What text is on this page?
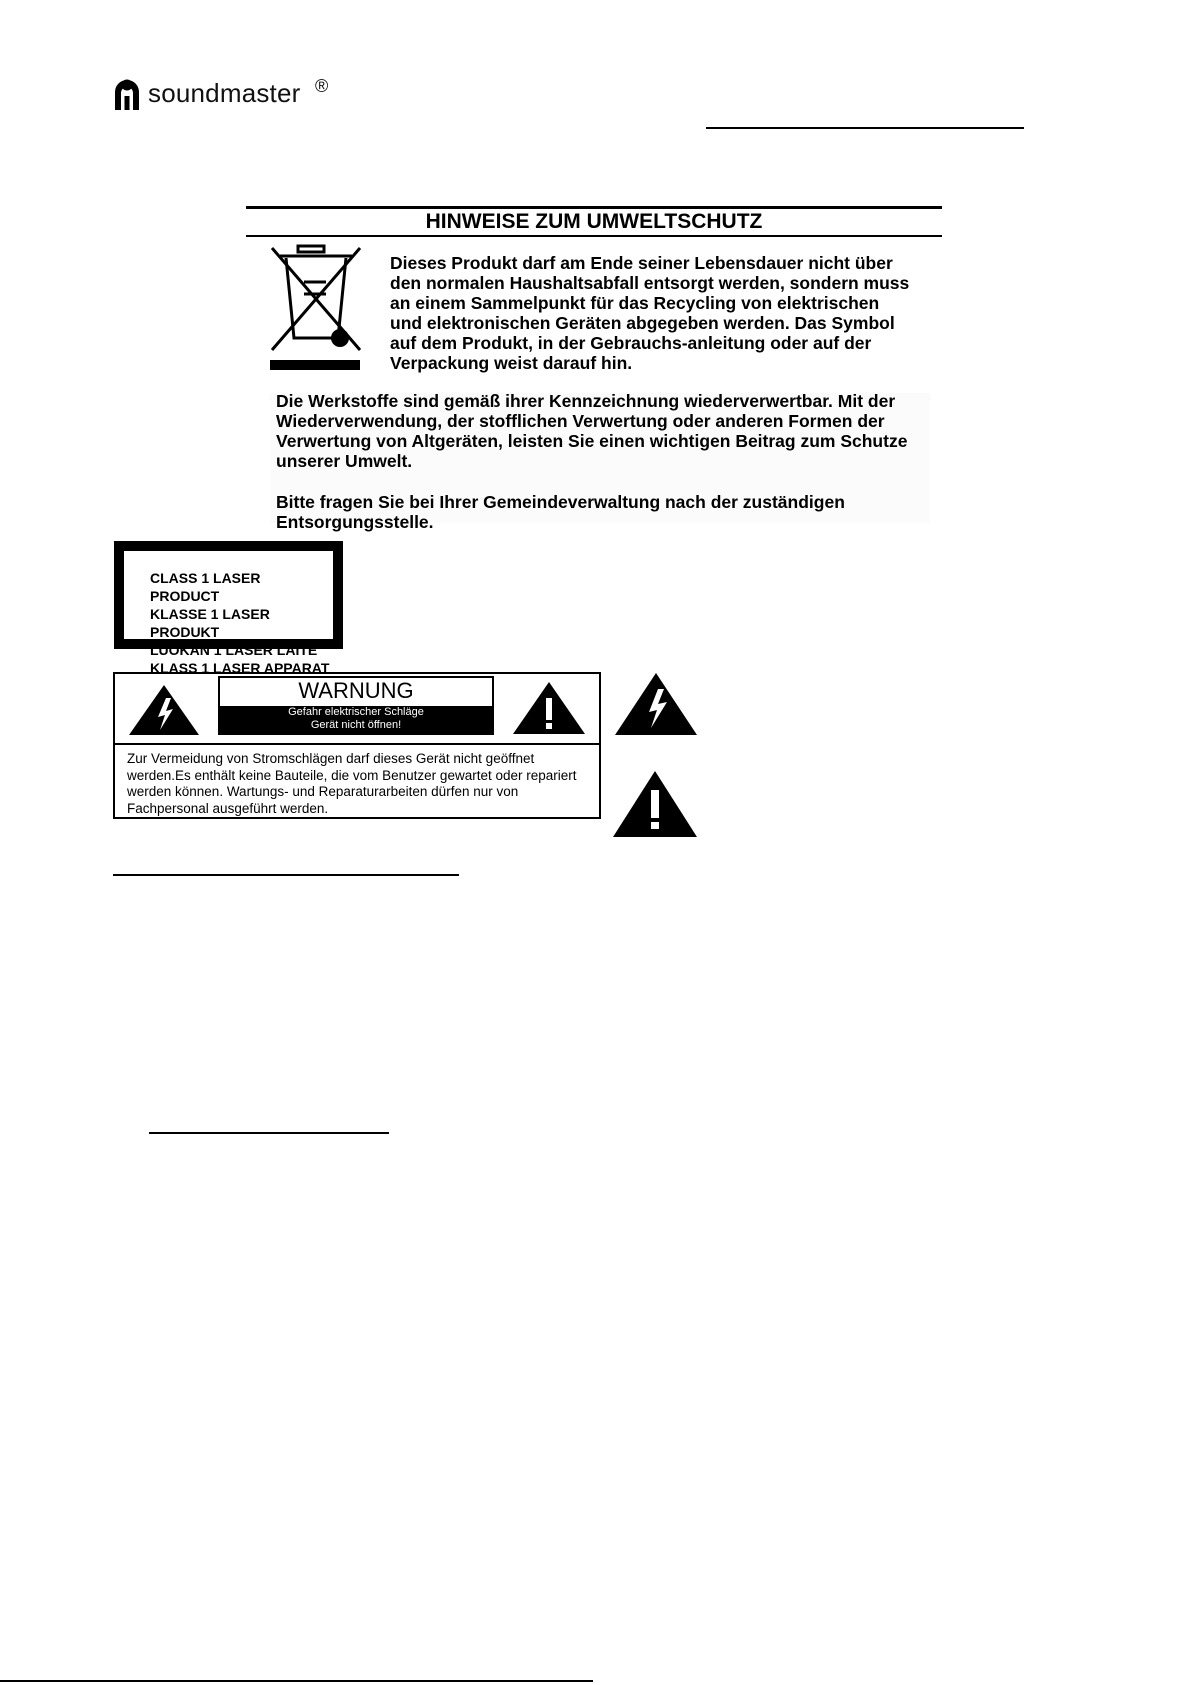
soundmaster ®
HINWEISE ZUM UMWELTSCHUTZ
Dieses Produkt darf am Ende seiner Lebensdauer nicht über den normalen Haushaltsabfall entsorgt werden, sondern muss an einem Sammelpunkt für das Recycling von elektrischen und elektronischen Geräten abgegeben werden. Das Symbol auf dem Produkt, in der Gebrauchs-anleitung oder auf der Verpackung weist darauf hin.
Die Werkstoffe sind gemäß ihrer Kennzeichnung wiederverwertbar. Mit der Wiederverwendung, der stofflichen Verwertung oder anderen Formen der Verwertung von Altgeräten, leisten Sie einen wichtigen Beitrag zum Schutze unserer Umwelt.
Bitte fragen Sie bei Ihrer Gemeindeverwaltung nach der zuständigen Entsorgungsstelle.
CLASS 1 LASER PRODUCT
KLASSE 1 LASER PRODUKT
LUOKAN 1 LASER LAITE
KLASS 1 LASER APPARAT
WARNUNG
Gefahr elektrischer Schläge
Gerät nicht öffnen!
Zur Vermeidung von Stromschlägen darf dieses Gerät nicht geöffnet werden.Es enthält keine Bauteile, die vom Benutzer gewartet oder repariert werden können. Wartungs- und Reparaturarbeiten dürfen nur von Fachpersonal ausgeführt werden.
